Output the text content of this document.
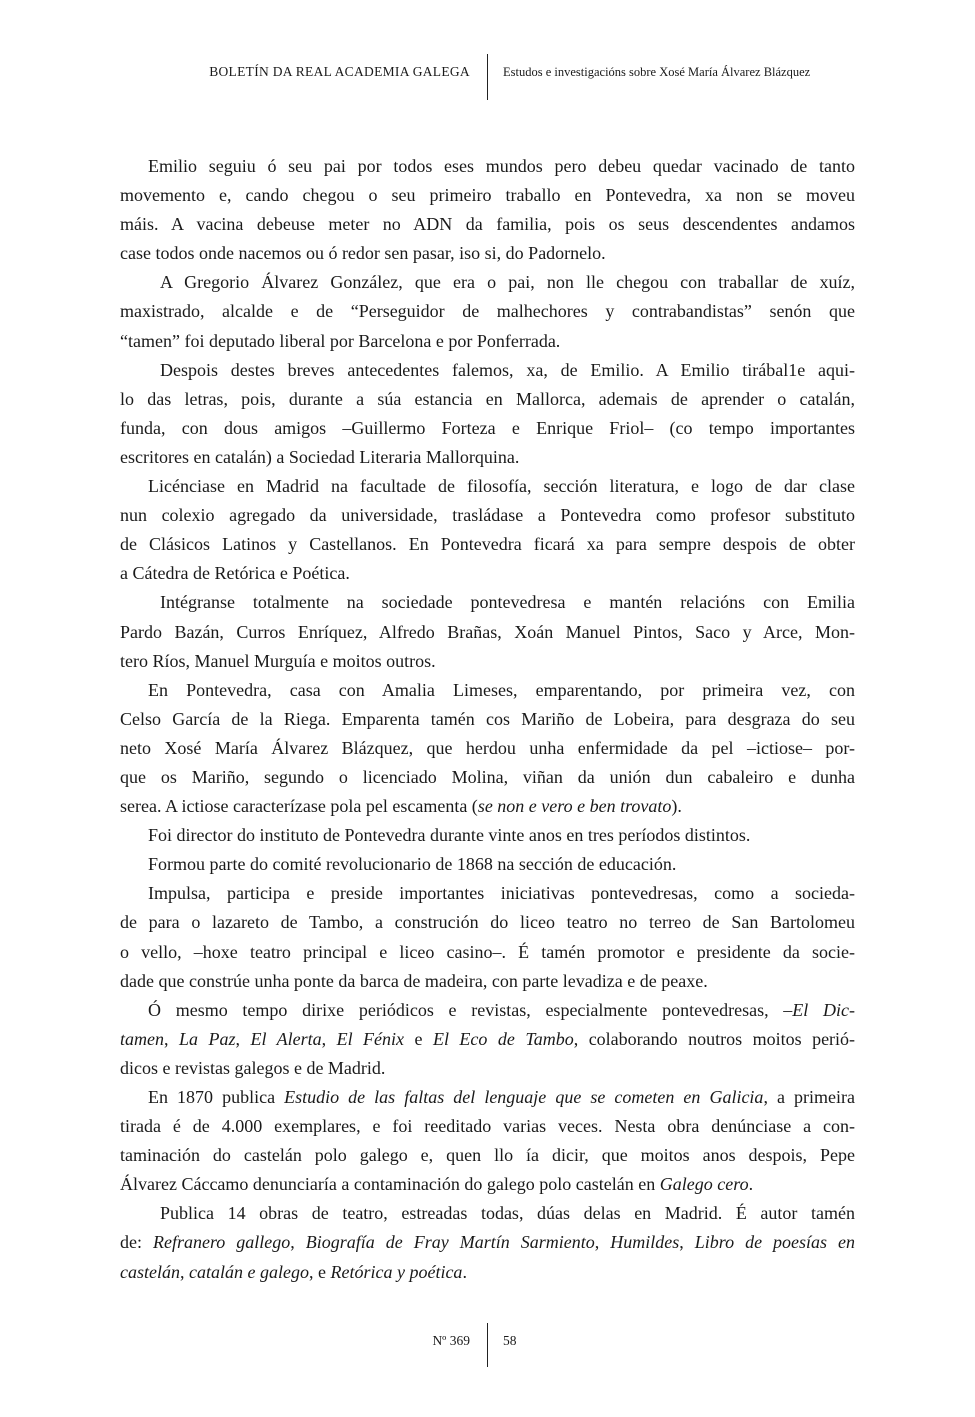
BOLETÍN DA REAL ACADEMIA GALEGA	Estudos e investigacións sobre Xosé María Álvarez Blázquez
Emilio seguiu ó seu pai por todos eses mundos pero debeu quedar vacinado de tanto
movemento e, cando chegou o seu primeiro traballo en Pontevedra, xa non se moveu
máis. A vacina debeuse meter no ADN da familia, pois os seus descendentes andamos
case todos onde nacemos ou ó redor sen pasar, iso si, do Padornelo.
A Gregorio Álvarez González, que era o pai, non lle chegou con traballar de xuíz,
maxistrado, alcalde e de “Perseguidor de malhechores y contrabandistas” senón que
“tamen” foi deputado liberal por Barcelona e por Ponferrada.
Despois destes breves antecedentes falemos, xa, de Emilio. A Emilio tirábal1e aqui-
lo das letras, pois, durante a súa estancia en Mallorca, ademais de aprender o catalán,
funda, con dous amigos –Guillermo Forteza e Enrique Friol– (co tempo importantes
escritores en catalán) a Sociedad Literaria Mallorquina.
Licénciase en Madrid na facultade de filosofía, sección literatura, e logo de dar clase
nun colexio agregado da universidade, trasládase a Pontevedra como profesor substituto
de Clásicos Latinos y Castellanos. En Pontevedra ficará xa para sempre despois de obter
a Cátedra de Retórica e Poética.
Intégranse totalmente na sociedade pontevedresa e mantén relacións con Emilia
Pardo Bazán, Curros Enríquez, Alfredo Brañas, Xoán Manuel Pintos, Saco y Arce, Mon-
tero Ríos, Manuel Murguía e moitos outros.
En Pontevedra, casa con Amalia Limeses, emparentando, por primeira vez, con
Celso García de la Riega. Emparenta tamén cos Mariño de Lobeira, para desgraza do seu
neto Xosé María Álvarez Blázquez, que herdou unha enfermidade da pel –ictiose– por-
que os Mariño, segundo o licenciado Molina, viñan da unión dun cabaleiro e dunha
serea. A ictiose caracterízase pola pel escamenta (se non e vero e ben trovato).
Foi director do instituto de Pontevedra durante vinte anos en tres períodos distintos.
Formou parte do comité revolucionario de 1868 na sección de educación.
Impulsa, participa e preside importantes iniciativas pontevedresas, como a socieda-
de para o lazareto de Tambo, a construción do liceo teatro no terreo de San Bartolomeu
o vello, –hoxe teatro principal e liceo casino–. É tamén promotor e presidente da socie-
dade que constrúe unha ponte da barca de madeira, con parte levadiza e de peaxe.
Ó mesmo tempo dirixe periódicos e revistas, especialmente pontevedresas, –El Dic-
tamen, La Paz, El Alerta, El Fénix e El Eco de Tambo, colaborando noutros moitos perió-
dicos e revistas galegos e de Madrid.
En 1870 publica Estudio de las faltas del lenguaje que se cometen en Galicia, a primeira
tirada é de 4.000 exemplares, e foi reeditado varias veces. Nesta obra denúnciase a con-
taminación do castelán polo galego e, quen llo ía dicir, que moitos anos despois, Pepe
Álvarez Cáccamo denunciaría a contaminación do galego polo castelán en Galego cero.
Publica 14 obras de teatro, estreadas todas, dúas delas en Madrid. É autor tamén
de: Refranero gallego, Biografía de Fray Martín Sarmiento, Humildes, Libro de poesías en
castelán, catalán e galego, e Retórica y poética.
Nº 369 58
